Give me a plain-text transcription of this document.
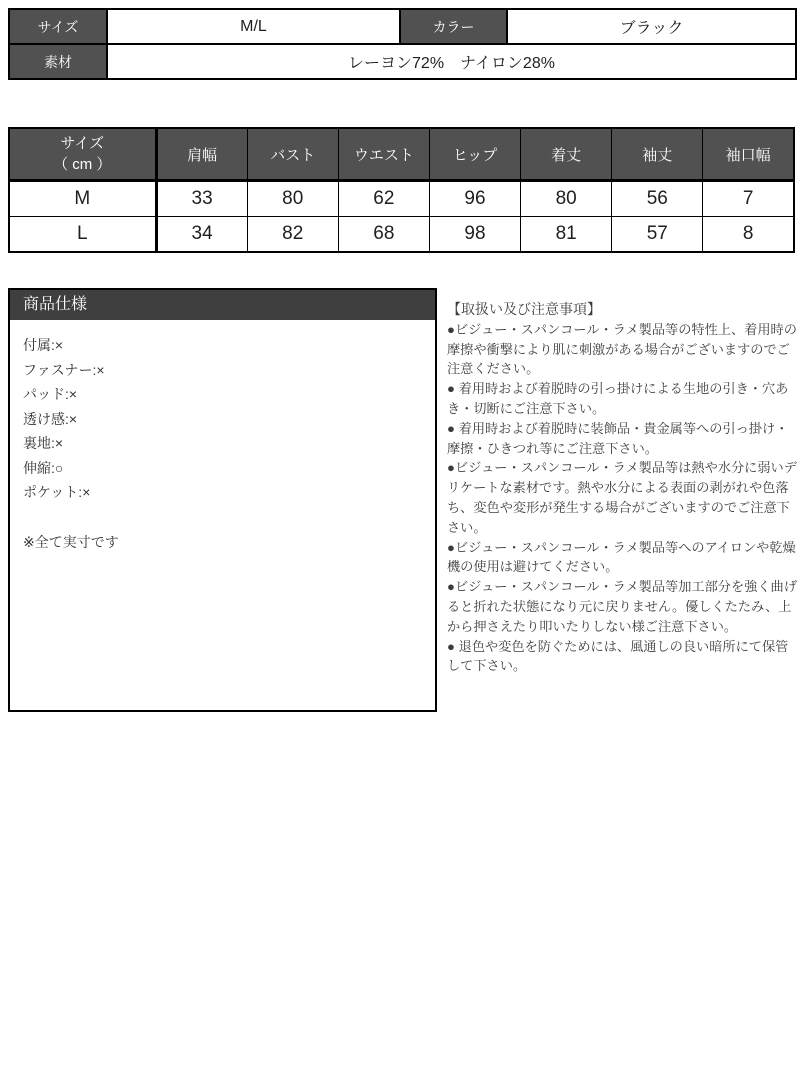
サイズ	M/L	カラー	ブラック
素材	レーヨン72%　ナイロン28%		
サイズ
（ cm ）	肩幅	バスト	ウエスト	ヒップ	着丈	袖丈	袖口幅
M	33	80	62	96	80	56	7
L	34	82	68	98	81	57	8
商品仕様
付属:×
ファスナー:×
パッド:×
透け感:×
裏地:×
伸縮:○
ポケット:×
※全て実寸です
【取扱い及び注意事項】

●ビジュー・スパンコール・ラメ製品等の特性上、着用時の摩擦や衝撃により肌に刺激がある場合がございますのでご注意ください。

● 着用時および着脱時の引っ掛けによる生地の引き・穴あき・切断にご注意下さい。

● 着用時および着脱時に装飾品・貴金属等への引っ掛け・摩擦・ひきつれ等にご注意下さい。

●ビジュー・スパンコール・ラメ製品等は熱や水分に弱いデリケートな素材です。熱や水分による表面の剥がれや色落ち、変色や変形が発生する場合がございますのでご注意下さい。

●ビジュー・スパンコール・ラメ製品等へのアイロンや乾燥機の使用は避けてください。

●ビジュー・スパンコール・ラメ製品等加工部分を強く曲げると折れた状態になり元に戻りません。優しくたたみ、上から押さえたり叩いたりしない様ご注意下さい。

● 退色や変色を防ぐためには、風通しの良い暗所にて保管して下さい。
